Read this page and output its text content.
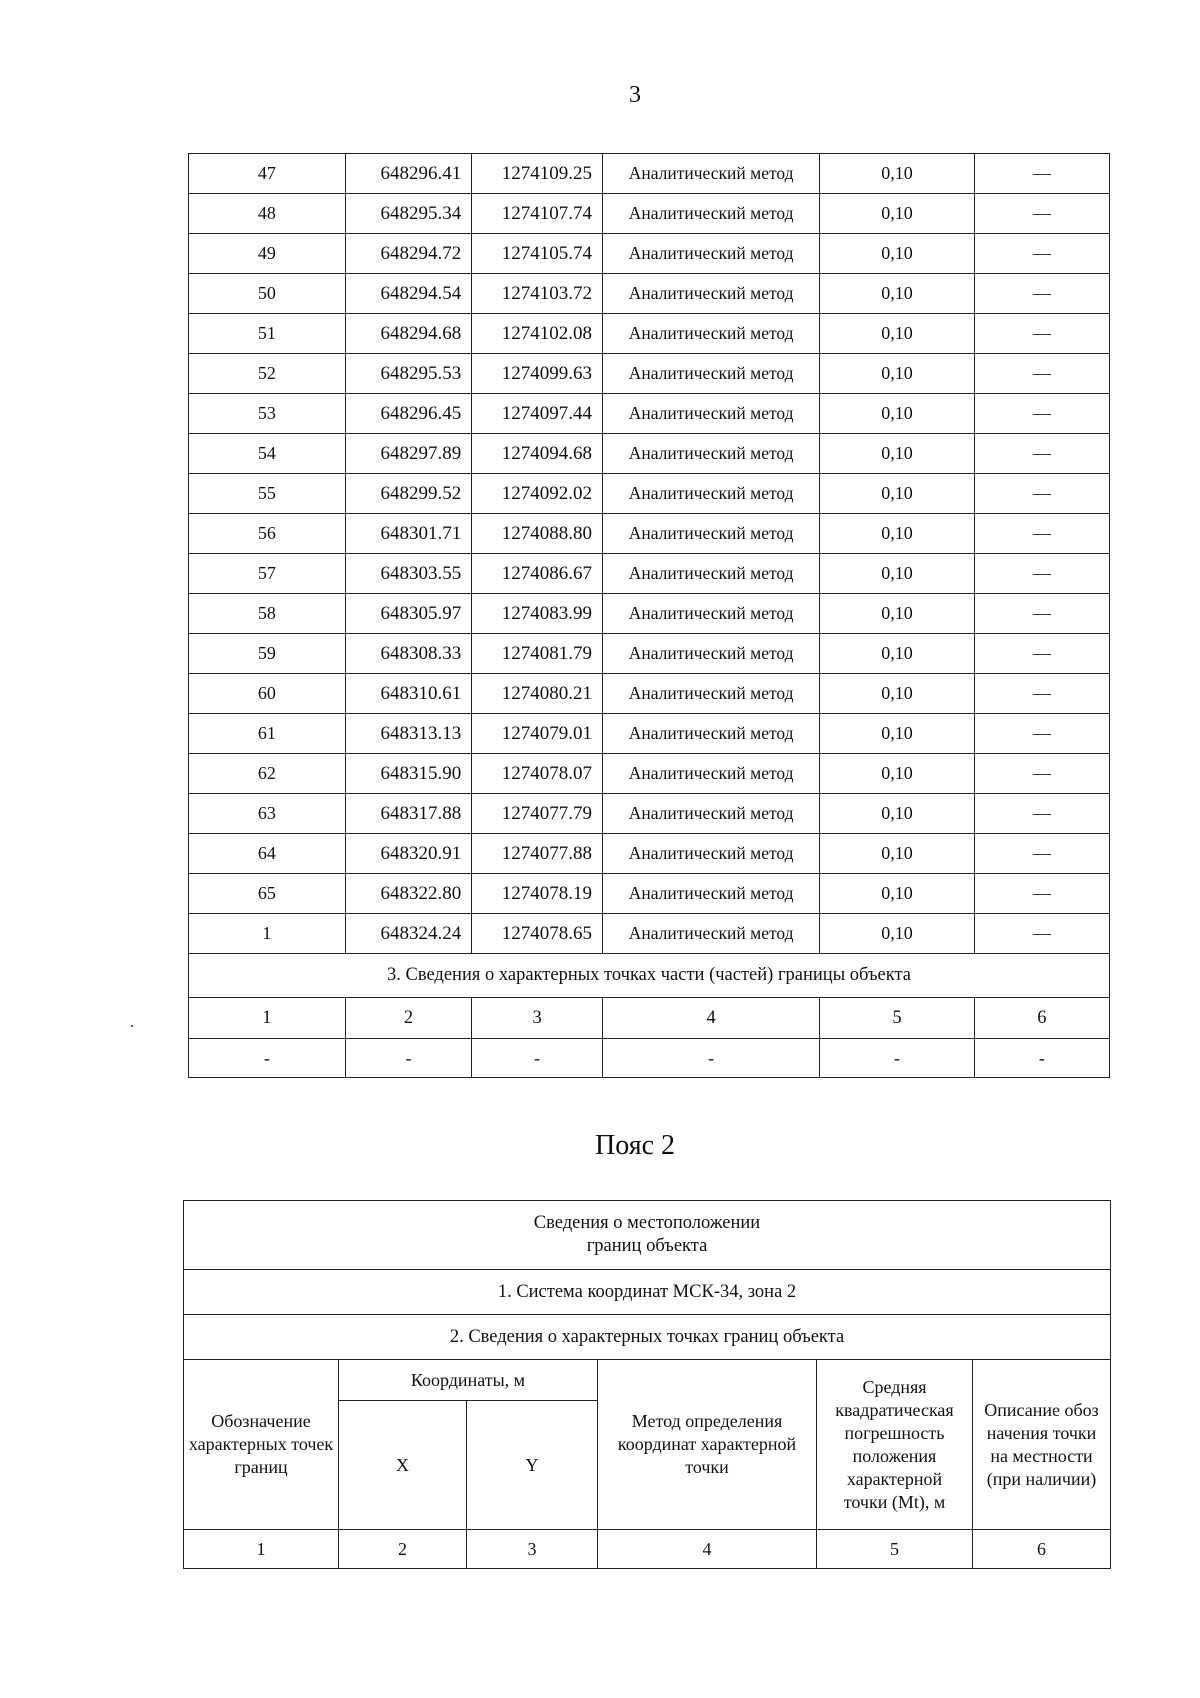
3
47	648296.41	1274109.25	Аналитический метод	0,10	—
48	648295.34	1274107.74	Аналитический метод	0,10	—
49	648294.72	1274105.74	Аналитический метод	0,10	—
50	648294.54	1274103.72	Аналитический метод	0,10	—
51	648294.68	1274102.08	Аналитический метод	0,10	—
52	648295.53	1274099.63	Аналитический метод	0,10	—
53	648296.45	1274097.44	Аналитический метод	0,10	—
54	648297.89	1274094.68	Аналитический метод	0,10	—
55	648299.52	1274092.02	Аналитический метод	0,10	—
56	648301.71	1274088.80	Аналитический метод	0,10	—
57	648303.55	1274086.67	Аналитический метод	0,10	—
58	648305.97	1274083.99	Аналитический метод	0,10	—
59	648308.33	1274081.79	Аналитический метод	0,10	—
60	648310.61	1274080.21	Аналитический метод	0,10	—
61	648313.13	1274079.01	Аналитический метод	0,10	—
62	648315.90	1274078.07	Аналитический метод	0,10	—
63	648317.88	1274077.79	Аналитический метод	0,10	—
64	648320.91	1274077.88	Аналитический метод	0,10	—
65	648322.80	1274078.19	Аналитический метод	0,10	—
1	648324.24	1274078.65	Аналитический метод	0,10	—
3. Сведения о характерных точках части (частей) границы объекта					
1	2	3	4	5	6
-	-	-	-	-	-
Пояс 2
Сведения о местоположении
границ объекта					
1. Система координат МСК-34, зона 2					
2. Сведения о характерных точках границ объекта					
Обозначение характерных точек границ	Координаты, м		Метод определения координат характерной точки	Средняя квадратическая погрешность положения характерной точки (Mt), м	Описание обозначения точки на местности (при наличии)
	X	Y			
1	2	3	4	5	6
